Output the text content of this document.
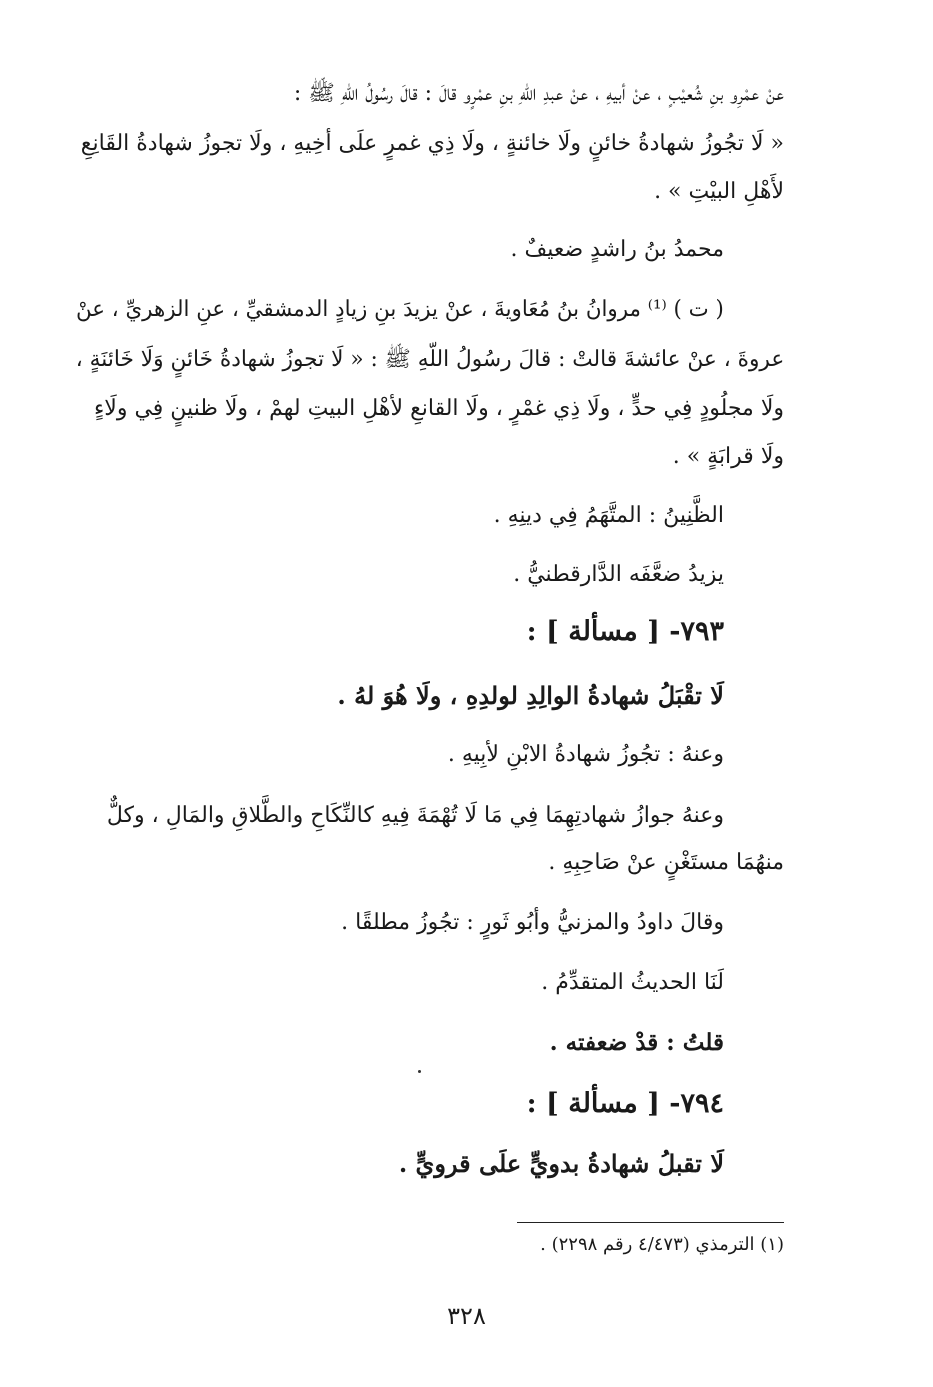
عنْ عمْرِو بنِ شُعيْبٍ ، عنْ أبيهِ ، عنْ عبدِ اللّهِ بنِ عمْرٍو قالَ : قالَ رسُولُ اللّهِ ﷺ :
« لَا تجُوزُ شهادةُ خائنٍ ولَا خائنةٍ ، ولَا ذِي غمرٍ علَى أخِيهِ ، ولَا تجوزُ شهادةُ القَانِعِ
لأَهْلِ البيْتِ » .
محمدُ بنُ راشدٍ ضعيفٌ .
( ت ) ⁽¹⁾ مروانُ بنُ مُعَاويةَ ، عنْ يزيدَ بنِ زيادٍ الدمشقيِّ ، عنِ الزهريِّ ، عنْ
عروةَ ، عنْ عائشةَ قالتْ : قالَ رسُولُ اللّهِ ﷺ : « لَا تجوزُ شهادةُ خَائنٍ وَلَا خَائنَةٍ ،
ولَا مجلُودٍ فِي حدٍّ ، ولَا ذِي غمْرٍ ، ولَا القانعِ لأهْلِ البيتِ لهمْ ، ولَا ظنينٍ فِي ولَاءٍ
ولَا قرابَةٍ » .
الظَّنِينُ : المتَّهَمُ فِي دينِهِ .
يزيدُ ضعَّفَه الدَّارقطنيُّ .
٧٩٣- [ مسألة ] :
لَا تقْبَلُ شهادةُ الوالِدِ لولدِهِ ، ولَا هُوَ لهُ .
وعنهُ : تجُوزُ شهادةُ الابْنِ لأبِيهِ .
وعنهُ جوازُ شهادتِهِمَا فِي مَا لَا تُهْمَةَ فِيهِ كالنِّكَاحِ والطَّلاقِ والمَالِ ، وكلٌّ
منهُمَا مستَغْنٍ عنْ صَاحِبِهِ .
وقالَ داودُ والمزنيُّ وأبُو ثَورٍ : تجُوزُ مطلقًا .
لَنَا الحديثُ المتقدِّمُ .
قلتُ : قدْ ضعفته .
٧٩٤- [ مسألة ] :
لَا تقبلُ شهادةُ بدويٍّ علَى قرويٍّ .
(١) الترمذي (٤/٤٧٣ رقم ٢٢٩٨) .
٣٢٨
